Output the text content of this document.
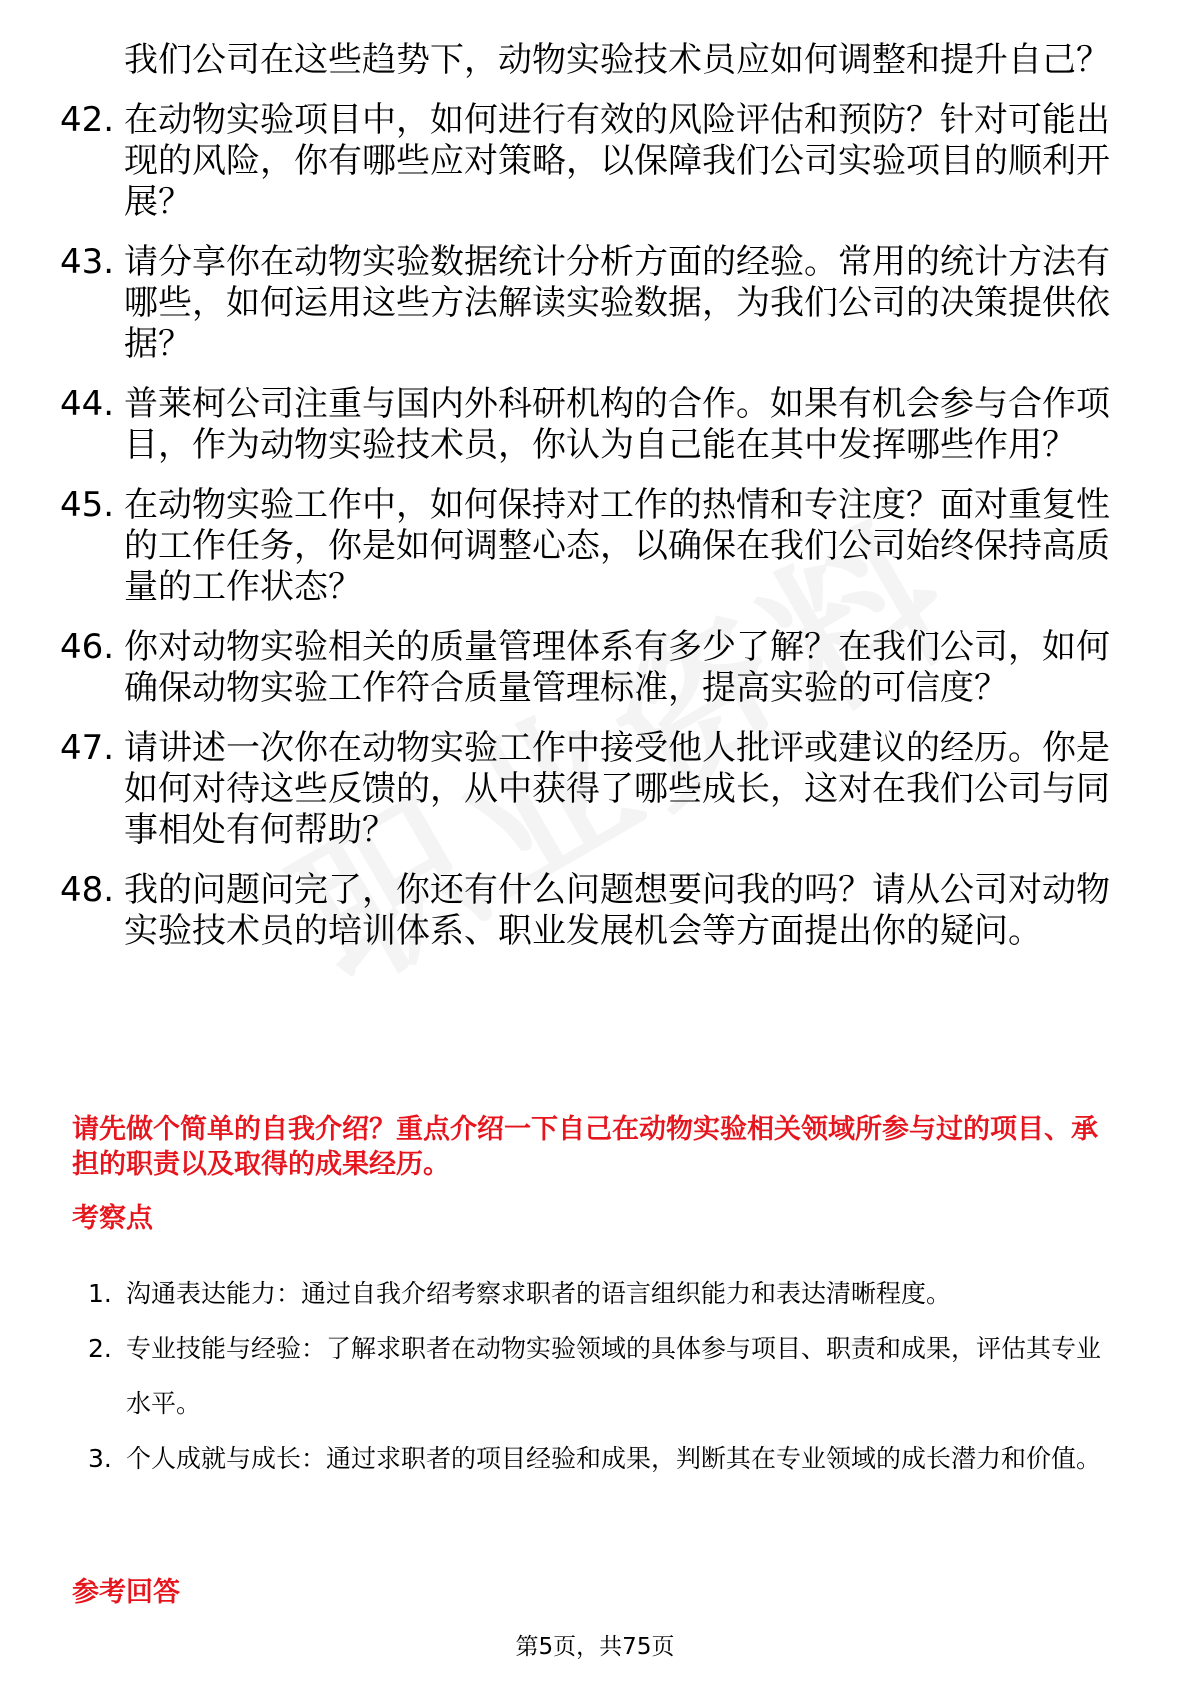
我们公司在这些趋势下，动物实验技术员应如何调整和提升自己？
42. 在动物实验项目中，如何进行有效的风险评估和预防？针对可能出现的风险，你有哪些应对策略，以保障我们公司实验项目的顺利开展？
43. 请分享你在动物实验数据统计分析方面的经验。常用的统计方法有哪些，如何运用这些方法解读实验数据，为我们公司的决策提供依据？
44. 普莱柯公司注重与国内外科研机构的合作。如果有机会参与合作项目，作为动物实验技术员，你认为自己能在其中发挥哪些作用？
45. 在动物实验工作中，如何保持对工作的热情和专注度？面对重复性的工作任务，你是如何调整心态，以确保在我们公司始终保持高质量的工作状态？
46. 你对动物实验相关的质量管理体系有多少了解？在我们公司，如何确保动物实验工作符合质量管理标准，提高实验的可信度？
47. 请讲述一次你在动物实验工作中接受他人批评或建议的经历。你是如何对待这些反馈的，从中获得了哪些成长，这对在我们公司与同事相处有何帮助？
48. 我的问题问完了，你还有什么问题想要问我的吗？请从公司对动物实验技术员的培训体系、职业发展机会等方面提出你的疑问。
请先做个简单的自我介绍？重点介绍一下自己在动物实验相关领域所参与过的项目、承担的职责以及取得的成果经历。
考察点
1. 沟通表达能力：通过自我介绍考察求职者的语言组织能力和表达清晰程度。
2. 专业技能与经验：了解求职者在动物实验领域的具体参与项目、职责和成果，评估其专业水平。
3. 个人成就与成长：通过求职者的项目经验和成果，判断其在专业领域的成长潜力和价值。
参考回答
第5页，共75页
